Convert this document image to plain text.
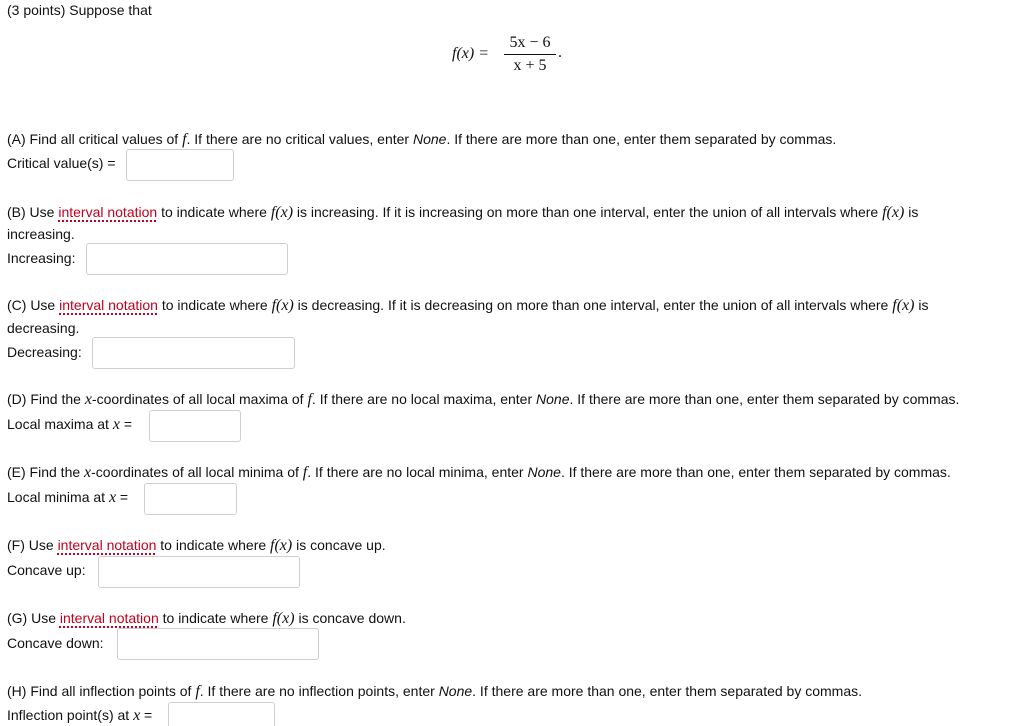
(3 points) Suppose that
f(x) =
5x − 6
x + 5
.
(A) Find all critical values of f. If there are no critical values, enter None. If there are more than one, enter them separated by commas.
Critical value(s) =
(B) Use interval notation to indicate where f(x) is increasing. If it is increasing on more than one interval, enter the union of all intervals where f(x) is
increasing.
Increasing:
(C) Use interval notation to indicate where f(x) is decreasing. If it is decreasing on more than one interval, enter the union of all intervals where f(x) is
decreasing.
Decreasing:
(D) Find the x-coordinates of all local maxima of f. If there are no local maxima, enter None. If there are more than one, enter them separated by commas.
Local maxima at x =
(E) Find the x-coordinates of all local minima of f. If there are no local minima, enter None. If there are more than one, enter them separated by commas.
Local minima at x =
(F) Use interval notation to indicate where f(x) is concave up.
Concave up:
(G) Use interval notation to indicate where f(x) is concave down.
Concave down:
(H) Find all inflection points of f. If there are no inflection points, enter None. If there are more than one, enter them separated by commas.
Inflection point(s) at x =
